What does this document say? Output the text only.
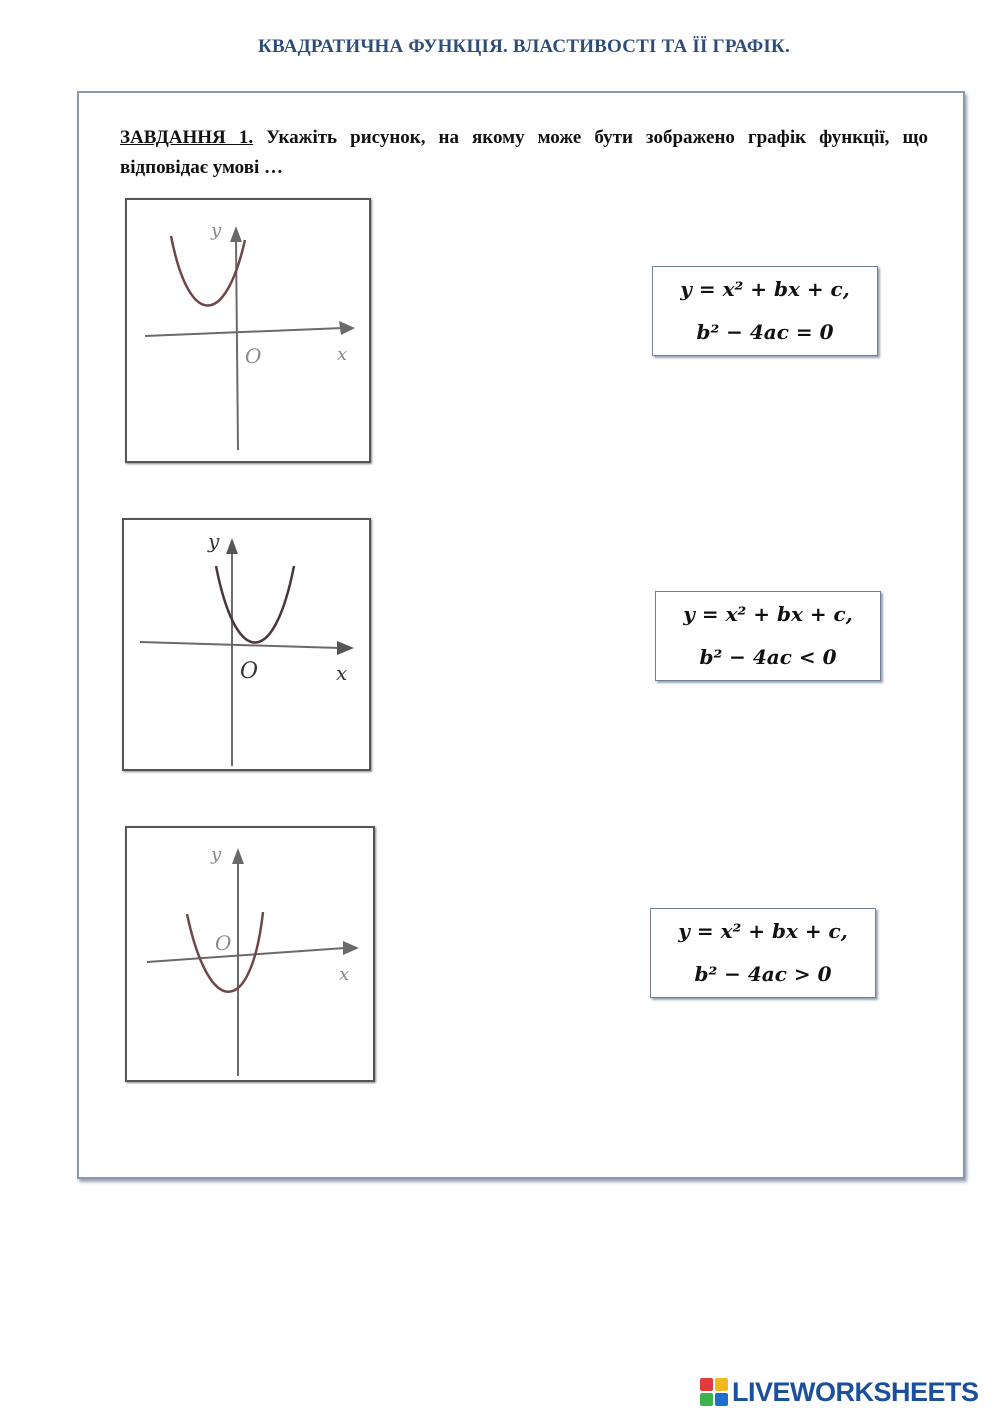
КВАДРАТИЧНА ФУНКЦІЯ. ВЛАСТИВОСТІ ТА ЇЇ ГРАФІК.
ЗАВДАННЯ 1. Укажіть рисунок, на якому може бути зображено графік функції, що відповідає умові …
y
x
O
y
x
O
y
x
O
y = x² + bx + c,
b² − 4ac = 0
y = x² + bx + c,
b² − 4ac < 0
y = x² + bx + c,
b² − 4ac > 0
LIVEWORKSHEETS
